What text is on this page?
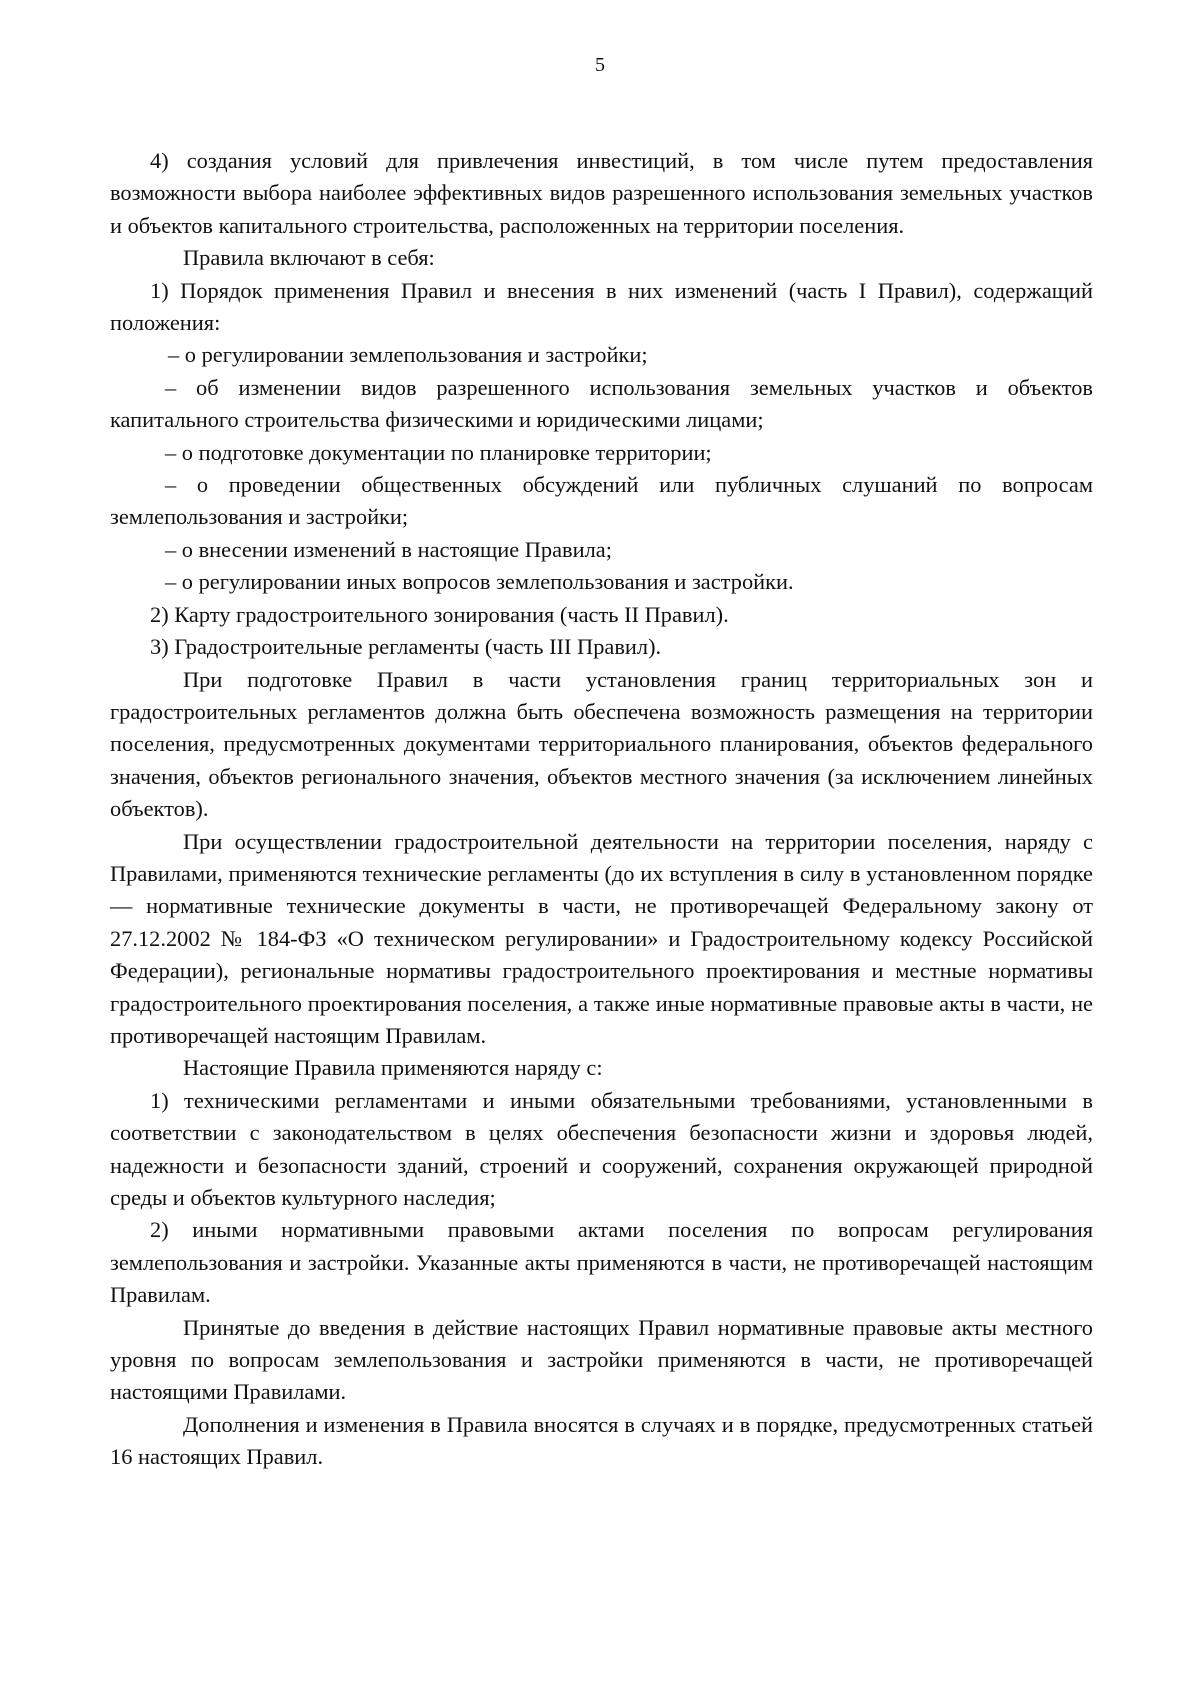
5

4) создания условий для привлечения инвестиций, в том числе путем предоставления возможности выбора наиболее эффективных видов разрешенного использования земельных участков и объектов капитального строительства, расположенных на территории поселения.

Правила включают в себя:

1) Порядок применения Правил и внесения в них изменений (часть I Правил), содержащий положения:

– о регулировании землепользования и застройки;

– об изменении видов разрешенного использования земельных участков и объектов капитального строительства физическими и юридическими лицами;

– о подготовке документации по планировке территории;

– о проведении общественных обсуждений или публичных слушаний по вопросам землепользования и застройки;

– о внесении изменений в настоящие Правила;

– о регулировании иных вопросов землепользования и застройки.

2) Карту градостроительного зонирования (часть II Правил).

3) Градостроительные регламенты (часть III Правил).

При подготовке Правил в части установления границ территориальных зон и градостроительных регламентов должна быть обеспечена возможность размещения на территории поселения, предусмотренных документами территориального планирования, объектов федерального значения, объектов регионального значения, объектов местного значения (за исключением линейных объектов).

При осуществлении градостроительной деятельности на территории поселения, наряду с Правилами, применяются технические регламенты (до их вступления в силу в установленном порядке — нормативные технические документы в части, не противоречащей Федеральному закону от 27.12.2002 № 184-ФЗ «О техническом регулировании» и Градостроительному кодексу Российской Федерации), региональные нормативы градостроительного проектирования и местные нормативы градостроительного проектирования поселения, а также иные нормативные правовые акты в части, не противоречащей настоящим Правилам.

Настоящие Правила применяются наряду с:

1) техническими регламентами и иными обязательными требованиями, установленными в соответствии с законодательством в целях обеспечения безопасности жизни и здоровья людей, надежности и безопасности зданий, строений и сооружений, сохранения окружающей природной среды и объектов культурного наследия;

2) иными нормативными правовыми актами поселения по вопросам регулирования землепользования и застройки. Указанные акты применяются в части, не противоречащей настоящим Правилам.

Принятые до введения в действие настоящих Правил нормативные правовые акты местного уровня по вопросам землепользования и застройки применяются в части, не противоречащей настоящими Правилами.

Дополнения и изменения в Правила вносятся в случаях и в порядке, предусмотренных статьей 16 настоящих Правил.
